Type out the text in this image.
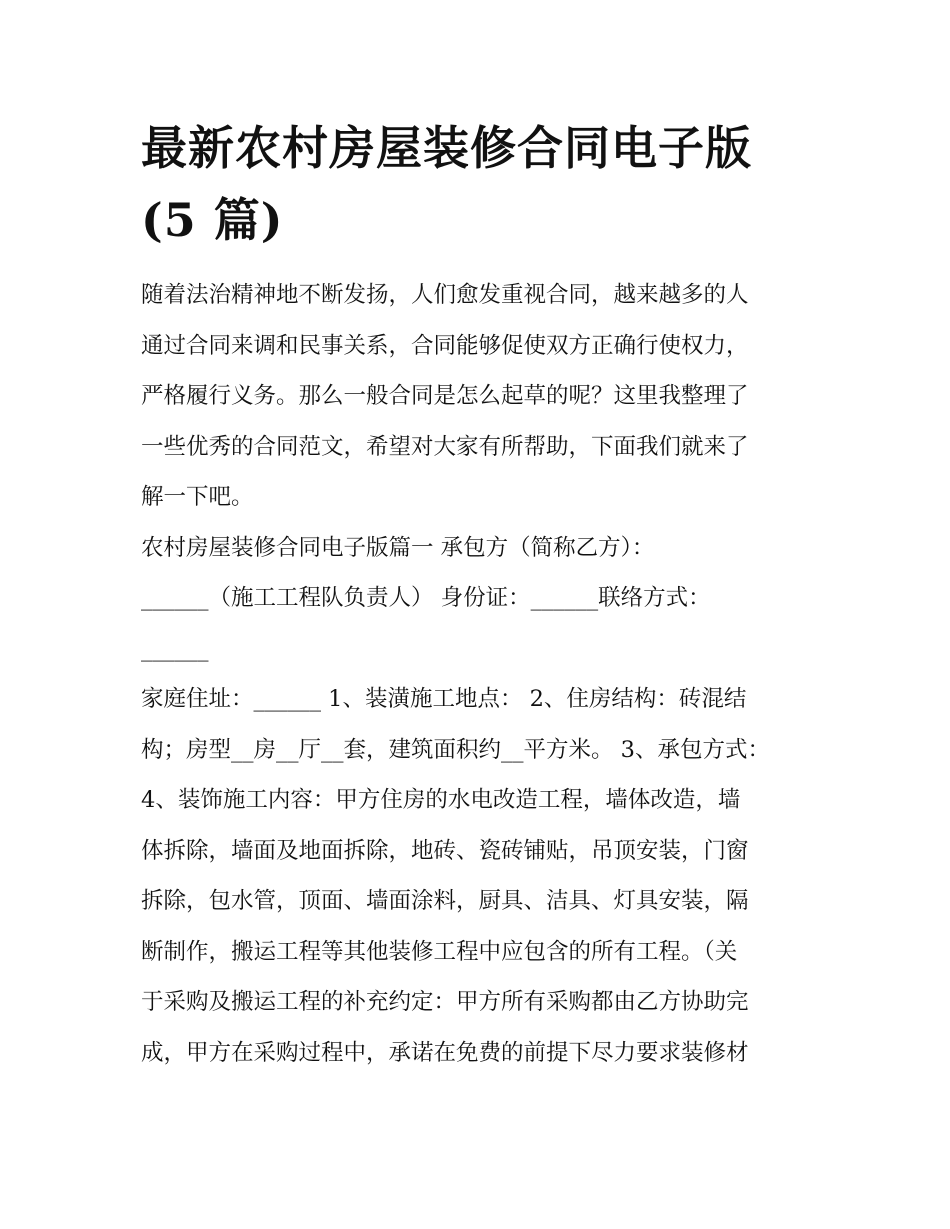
最新农村房屋装修合同电子版
(5 篇)
随着法治精神地不断发扬，人们愈发重视合同，越来越多的人
通过合同来调和民事关系，合同能够促使双方正确行使权力，
严格履行义务。那么一般合同是怎么起草的呢？这里我整理了
一些优秀的合同范文，希望对大家有所帮助，下面我们就来了
解一下吧。
农村房屋装修合同电子版篇一 承包方（简称乙方）：
______（施工工程队负责人） 身份证：______联络方式：
______
家庭住址：______ 1、装潢施工地点： 2、住房结构：砖混结
构；房型__房__厅__套，建筑面积约__平方米。 3、承包方式：
4、装饰施工内容：甲方住房的水电改造工程，墙体改造，墙
体拆除，墙面及地面拆除，地砖、瓷砖铺贴，吊顶安装，门窗
拆除，包水管，顶面、墙面涂料，厨具、洁具、灯具安装，隔
断制作，搬运工程等其他装修工程中应包含的所有工程。（关
于采购及搬运工程的补充约定：甲方所有采购都由乙方协助完
成，甲方在采购过程中，承诺在免费的前提下尽力要求装修材
